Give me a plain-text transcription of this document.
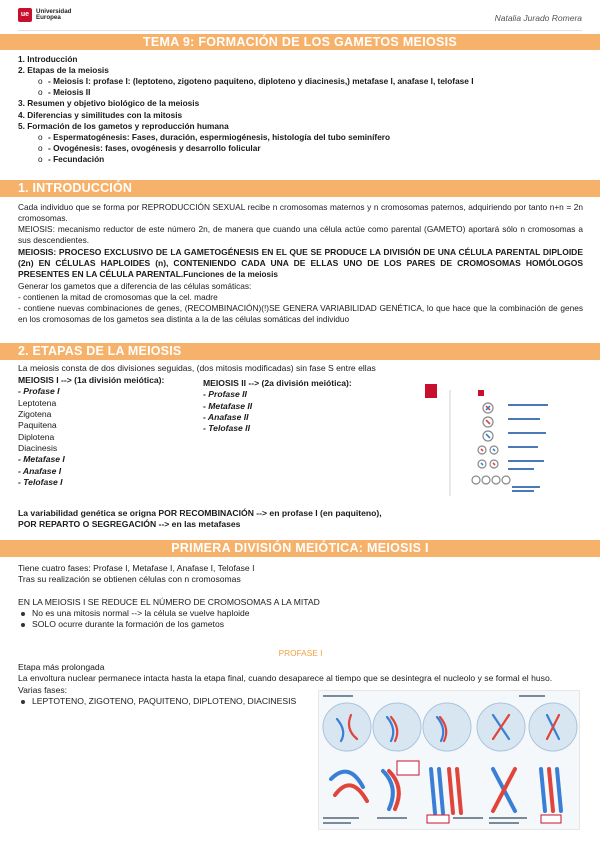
ue
Universidad
Europea	Natalia Jurado Romera
TEMA 9: FORMACIÓN DE LOS GAMETOS MEIOSIS

1. Introducción

2. Etapas de la meiosis

o - Meiosis I: profase I: (leptoteno, zigoteno paquiteno, diploteno y diacinesis,) metafase I, anafase I, telofase I

o - Meiosis II

3. Resumen y objetivo biológico de la meiosis

4. Diferencias y similitudes con la mitosis

5. Formación de los gametos y reproducción humana

o - Espermatogénesis: Fases, duración, espermiogénesis, histología del tubo seminífero

o - Ovogénesis: fases, ovogénesis y desarrollo folicular

o - Fecundación

1. INTRODUCCIÓN

Cada individuo que se forma por REPRODUCCIÓN SEXUAL recibe n cromosomas maternos y n cromosomas paternos, adquiriendo por tanto n+n = 2n cromosomas.

MEIOSIS: mecanismo reductor de este número 2n, de manera que cuando una célula actúe como parental (GAMETO) aportará sólo n cromosomas a sus descendientes.

MEIOSIS: PROCESO EXCLUSIVO DE LA GAMETOGÉNESIS EN EL QUE SE PRODUCE LA DIVISIÓN DE UNA CÉLULA PARENTAL DIPLOIDE (2n) EN CÉLULAS HAPLOIDES (n), CONTENIENDO CADA UNA DE ELLAS UNO DE LOS PARES DE CROMOSOMAS HOMÓLOGOS PRESENTES EN LA CÉLULA PARENTAL.Funciones de la meiosis

Generar los gametos que a diferencia de las células somáticas:

- contienen la mitad de cromosomas que la cel. madre

- contiene nuevas combinaciones de genes, (RECOMBINACIÓN)(!)SE GENERA VARIABILIDAD GENÉTICA, lo que hace que la combinación de genes en los cromosomas de los gametos sea distinta a la de las células somáticas del individuo

2. ETAPAS DE LA MEIOSIS
La meiosis consta de dos divisiones seguidas, (dos mitosis modificadas) sin fase S entre ellas

MEIOSIS I --> (1a división meiótica):

- Profase I

Leptotena

Zigotena

Paquitena

Diplotena

Diacinesis

- Metafase I

- Anafase I

- Telofase I

MEIOSIS II --> (2a división meiótica):

- Profase II

- Metafase II

- Anafase II

- Telofase II

La variabilidad genética se origna POR RECOMBINACIÓN --> en profase I (en paquiteno),

POR REPARTO O SEGREGACIÓN --> en las metafases

PRIMERA DIVISIÓN MEIÓTICA: MEIOSIS I

Tiene cuatro fases: Profase I, Metafase I, Anafase I, Telofase I

Tras su realización se obtienen células con n cromosomas

EN LA MEIOSIS I SE REDUCE EL NÚMERO DE CROMOSOMAS A LA MITAD

No es una mitosis normal --> la célula se vuelve haploide

SOLO ocurre durante la formación de los gametos

PROFASE I

Etapa más prolongada

La envoltura nuclear permanece intacta hasta la etapa final, cuando desaparece al tiempo que se desintegra el nucleolo y se formal el huso.

Varias fases:

LEPTOTENO, ZIGOTENO, PAQUITENO, DIPLOTENO, DIACINESIS
